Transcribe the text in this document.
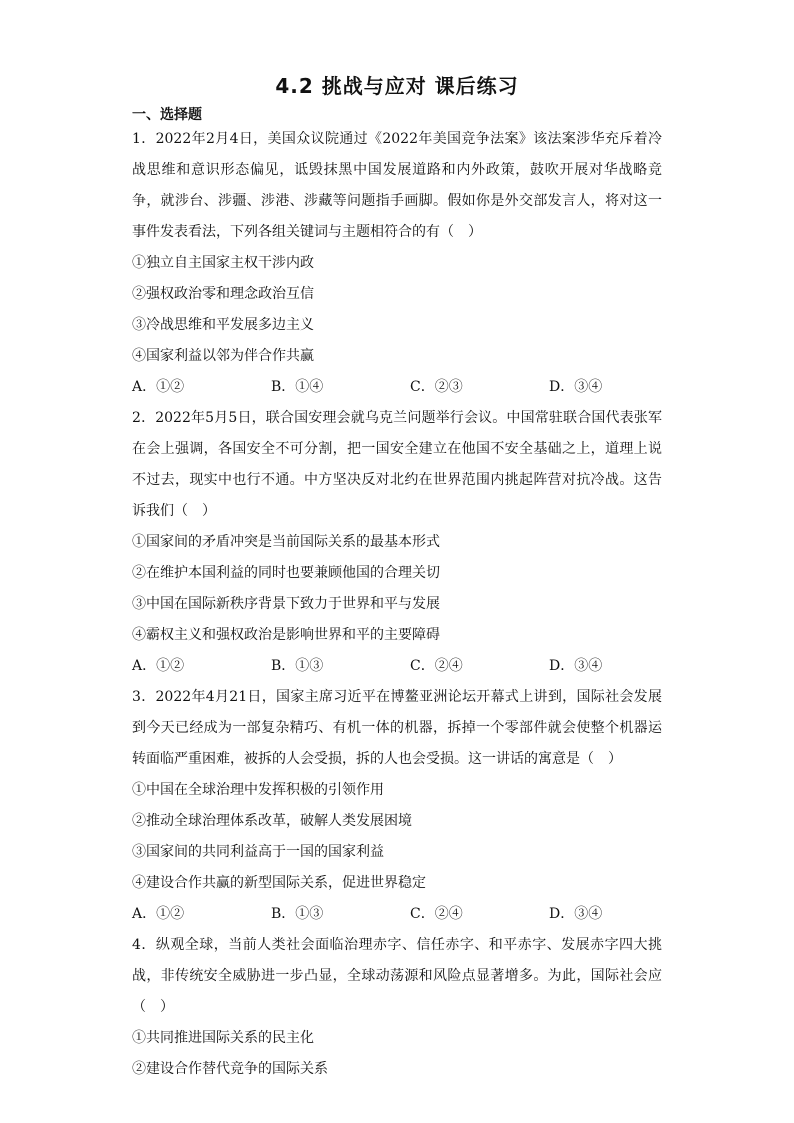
4.2 挑战与应对 课后练习
一、选择题
1．2022年2月4日，美国众议院通过《2022年美国竞争法案》该法案涉华充斥着冷战思维和意识形态偏见，诋毁抹黑中国发展道路和内外政策，鼓吹开展对华战略竞争，就涉台、涉疆、涉港、涉藏等问题指手画脚。假如你是外交部发言人，将对这一事件发表看法，下列各组关键词与主题相符合的有（　）
①独立自主国家主权干涉内政
②强权政治零和理念政治互信
③冷战思维和平发展多边主义
④国家利益以邻为伴合作共赢
A．①②	B．①④	C．②③	D．③④
2．2022年5月5日，联合国安理会就乌克兰问题举行会议。中国常驻联合国代表张军在会上强调，各国安全不可分割，把一国安全建立在他国不安全基础之上，道理上说不过去，现实中也行不通。中方坚决反对北约在世界范围内挑起阵营对抗冷战。这告诉我们（　）
①国家间的矛盾冲突是当前国际关系的最基本形式
②在维护本国利益的同时也要兼顾他国的合理关切
③中国在国际新秩序背景下致力于世界和平与发展
④霸权主义和强权政治是影响世界和平的主要障碍
A．①②	B．①③	C．②④	D．③④
3．2022年4月21日，国家主席习近平在博鳌亚洲论坛开幕式上讲到，国际社会发展到今天已经成为一部复杂精巧、有机一体的机器，拆掉一个零部件就会使整个机器运转面临严重困难，被拆的人会受损，拆的人也会受损。这一讲话的寓意是（　）
①中国在全球治理中发挥积极的引领作用
②推动全球治理体系改革，破解人类发展困境
③国家间的共同利益高于一国的国家利益
④建设合作共赢的新型国际关系，促进世界稳定
A．①②	B．①③	C．②④	D．③④
4．纵观全球，当前人类社会面临治理赤字、信任赤字、和平赤字、发展赤字四大挑战，非传统安全威胁进一步凸显，全球动荡源和风险点显著增多。为此，国际社会应（　）
①共同推进国际关系的民主化
②建设合作替代竞争的国际关系
